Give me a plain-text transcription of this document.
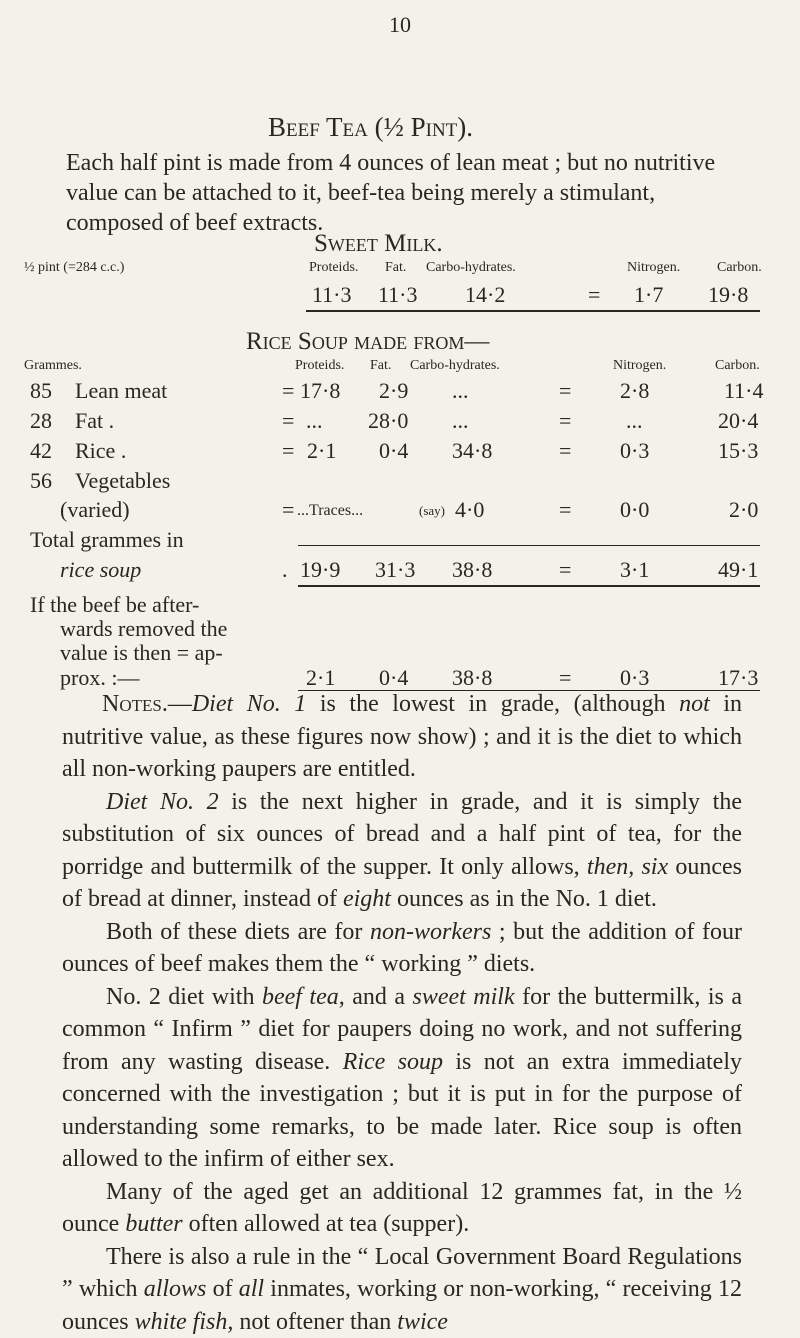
10
Beef Tea (½ Pint).
Each half pint is made from 4 ounces of lean meat ; but no nutritive value can be attached to it, beef-tea being merely a stimulant, composed of beef extracts.
Sweet Milk.
½ pint (=284 c.c.)	Proteids. Fat. Carbo-hydrates.	Nitrogen.	Carbon.
11·3 11·3 14·2	= 1·7 19·8
Rice Soup made from—
Grammes.	Proteids. Fat. Carbo-hydrates.	Nitrogen.	Carbon.
85 Lean meat	= 17·8 2·9 ...	= 2·8	11·4
28 Fat .	= ... 28·0 ...	= ...	20·4
42 Rice .	= 2·1 0·4 34·8	= 0·3	15·3
56 Vegetables
(varied)	= ...Traces...	(say) 4·0	= 0·0	2·0
Total grammes in
rice soup	. 19·9 31·3 38·8	= 3·1	49·1
If the beef be after-
wards removed the
value is then = ap-
prox. :—	2·1 0·4 38·8	= 0·3	17·3

Notes.—Diet No. 1 is the lowest in grade, (although not in nutritive value, as these figures now show) ; and it is the diet to which all non-working paupers are entitled.

Diet No. 2 is the next higher in grade, and it is simply the substitution of six ounces of bread and a half pint of tea, for the porridge and buttermilk of the supper. It only allows, then, six ounces of bread at dinner, instead of eight ounces as in the No. 1 diet.

Both of these diets are for non-workers ; but the addition of four ounces of beef makes them the “ working ” diets.

No. 2 diet with beef tea, and a sweet milk for the buttermilk, is a common “ Infirm ” diet for paupers doing no work, and not suffering from any wasting disease. Rice soup is not an extra immediately concerned with the investigation ; but it is put in for the purpose of understanding some remarks, to be made later. Rice soup is often allowed to the infirm of either sex.

Many of the aged get an additional 12 grammes fat, in the ½ ounce butter often allowed at tea (supper).

There is also a rule in the “ Local Government Board Regulations ” which allows of all inmates, working or non-working, “ receiving 12 ounces white fish, not oftener than twice
